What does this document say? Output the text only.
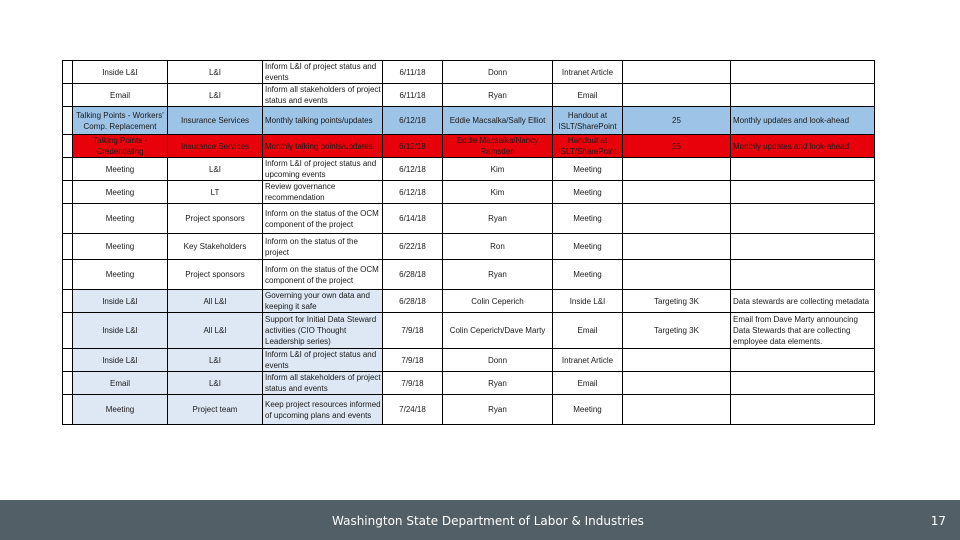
	Inside L&I	L&I	Inform L&I of project status and events	6/11/18	Donn	Intranet Article		
	Email	L&I	Inform all stakeholders of project status and events	6/11/18	Ryan	Email		
	Talking Points - Workers' Comp. Replacement	Insurance Services	Monthly talking points/updates	6/12/18	Eddie Macsalka/Sally Elliot	Handout at ISLT/SharePoint	25	Monthly updates and look-ahead
	Talking Points - Credentialing	Insurance Services	Monthly talking points/updates	6/12/18	Eddie Macsalka/Nancy Ramsden	Handout at ISLT/SharePoint	25	Monthly updates and look-ahead
	Meeting	L&I	Inform L&I of project status and upcoming events	6/12/18	Kim	Meeting		
	Meeting	LT	Review governance recommendation	6/12/18	Kim	Meeting		
	Meeting	Project sponsors	Inform on the status of the OCM component of the project	6/14/18	Ryan	Meeting		
	Meeting	Key Stakeholders	Inform on the status of the project	6/22/18	Ron	Meeting		
	Meeting	Project sponsors	Inform on the status of the OCM component of the project	6/28/18	Ryan	Meeting		
	Inside L&I	All L&I	Governing your own data and keeping it safe	6/28/18	Colin Ceperich	Inside L&I	Targeting 3K	Data stewards are collecting metadata
	Inside L&I	All L&I	Support for Initial Data Steward activities (CIO Thought Leadership series)	7/9/18	Colin Ceperich/Dave Marty	Email	Targeting 3K	Email from Dave Marty announcing Data Stewards that are collecting employee data elements.
	Inside L&I	L&I	Inform L&I of project status and events	7/9/18	Donn	Intranet Article		
	Email	L&I	Inform all stakeholders of project status and events	7/9/18	Ryan	Email		
	Meeting	Project team	Keep project resources informed of upcoming plans and events	7/24/18	Ryan	Meeting		
Washington State Department of Labor & Industries	17
